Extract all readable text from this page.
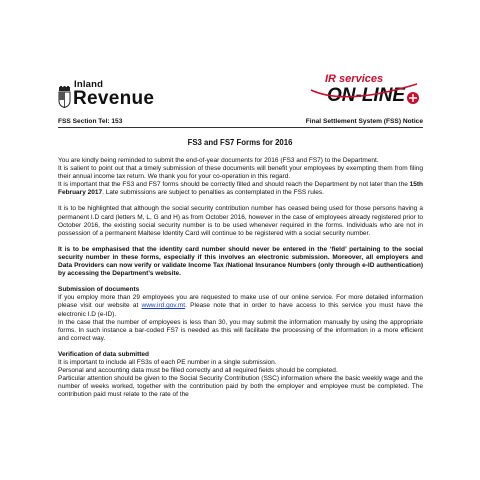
Inland
Revenue
IR services
ON-LINE
FSS Section Tel: 153	Final Settlement System (FSS) Notice
FS3 and FS7 Forms for 2016

You are kindly being reminded to submit the end-of-year documents for 2016 (FS3 and FS7) to the Department.

It is salient to point out that a timely submission of these documents will benefit your employees by exempting them from filing their annual income tax return. We thank you for your co-operation in this regard.

It is important that the FS3 and FS7 forms should be correctly filled and should reach the Department by not later than the 15th February 2017. Late submissions are subject to penalties as contemplated in the FSS rules.

It is to be highlighted that although the social security contribution number has ceased being used for those persons having a permanent I.D card (letters M, L, G and H) as from October 2016, however in the case of employees already registered prior to October 2016, the existing social security number is to be used whenever required in the forms. Individuals who are not in possession of a permanent Maltese Identity Card will continue to be registered with a social security number.

It is to be emphasised that the identity card number should never be entered in the ‘field’ pertaining to the social security number in these forms, especially if this involves an electronic submission. Moreover, all employers and Data Providers can now verify or validate Income Tax /National Insurance Numbers (only through e-ID authentication) by accessing the Department’s website.

Submission of documents

If you employ more than 29 employees you are requested to make use of our online service. For more detailed information please visit our website at www.ird.gov.mt. Please note that in order to have access to this service you must have the electronic I.D (e-ID).

In the case that the number of employees is less than 30, you may submit the information manually by using the appropriate forms. In such instance a bar-coded FS7 is needed as this will facilitate the processing of the information in a more efficient and correct way.

Verification of data submitted

It is important to include all FS3s of each PE number in a single submission.

Personal and accounting data must be filled correctly and all required fields should be completed.

Particular attention should be given to the Social Security Contribution (SSC) information where the basic weekly wage and the number of weeks worked, together with the contribution paid by both the employer and employee must be completed. The contribution paid must relate to the rate of the
